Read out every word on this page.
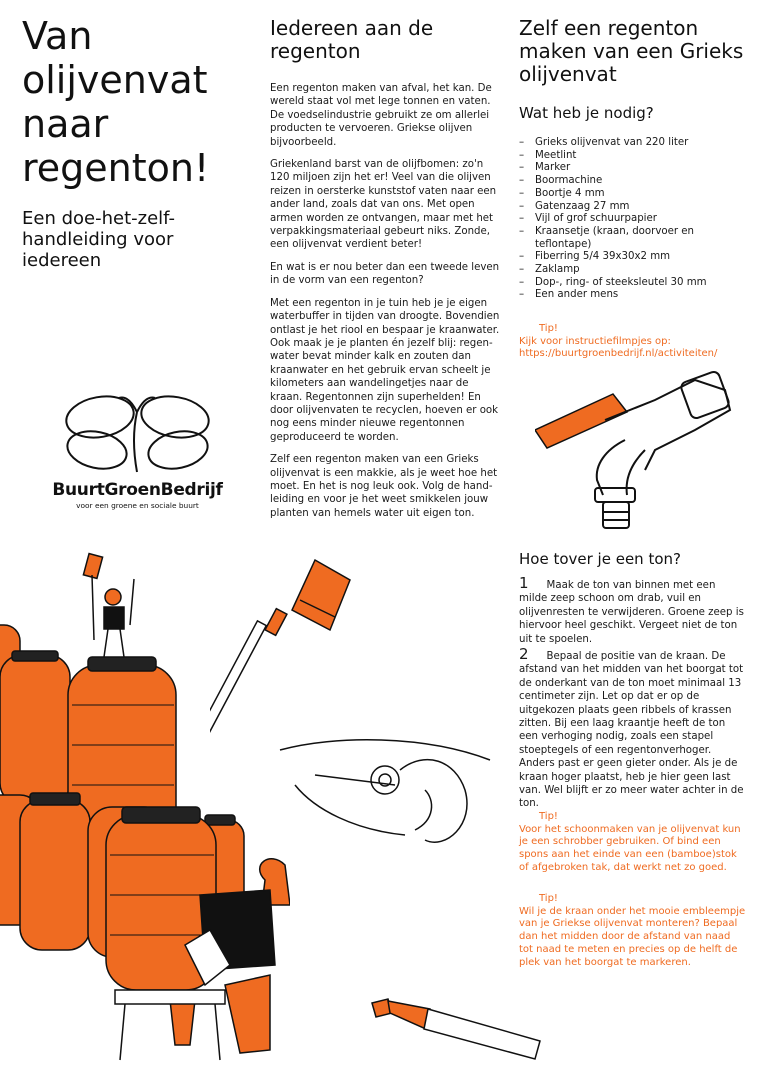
Van olijvenvat naar regenton!
Een doe-het-zelf-handleiding voor iedereen
BuurtGroenBedrijf
voor een groene en sociale buurt
Iedereen aan de regenton

Een regenton maken van afval, het kan. De wereld staat vol met lege tonnen en vaten. De voedselindustrie gebruikt ze om allerlei producten te vervoeren. Griekse olijven bijvoorbeeld.

Griekenland barst van de olijfbomen: zo'n 120 miljoen zijn het er! Veel van die olijven reizen in oersterke kunststof vaten naar een ander land, zoals dat van ons. Met open armen worden ze ontvangen, maar met het verpakkingsmateriaal gebeurt niks. Zonde, een olijvenvat verdient beter!

En wat is er nou beter dan een tweede leven in de vorm van een regenton?

Met een regenton in je tuin heb je je eigen waterbuffer in tijden van droogte. Bovendien ontlast je het riool en bespaar je kraanwater. Ook maak je je planten én jezelf blij: regenwater bevat minder kalk en zouten dan kraanwater en het gebruik ervan scheelt je kilometers aan wandelingetjes naar de kraan. Regentonnen zijn superhelden! En door olijvenvaten te recyclen, hoeven er ook nog eens minder nieuwe regentonnen geproduceerd te worden.

Zelf een regenton maken van een Grieks olijvenvat is een makkie, als je weet hoe het moet. En het is nog leuk ook. Volg de handleiding en voor je het weet smikkelen jouw planten van hemels water uit eigen ton.

Zelf een regenton maken van een Grieks olijvenvat
Wat heb je nodig?
– Grieks olijvenvat van 220 liter
– Meetlint
– Marker
– Boormachine
– Boortje 4 mm
– Gatenzaag 27 mm
– Vijl of grof schuurpapier
– Kraansetje (kraan, doorvoer en teflontape)
– Fiberring 5/4 39x30x2 mm
– Zaklamp
– Dop-, ring- of steeksleutel 30 mm
– Een ander mens
Tip!
Kijk voor instructiefilmpjes op: https://buurtgroenbedrijf.nl/activiteiten/
Hoe tover je een ton?
1 Maak de ton van binnen met een milde zeep schoon om drab, vuil en olijvenresten te verwijderen. Groene zeep is hiervoor heel geschikt. Vergeet niet de ton uit te spoelen.
2 Bepaal de positie van de kraan. De afstand van het midden van het boorgat tot de onderkant van de ton moet minimaal 13 centimeter zijn. Let op dat er op de uitgekozen plaats geen ribbels of krassen zitten. Bij een laag kraantje heeft de ton een verhoging nodig, zoals een stapel stoeptegels of een regentonverhoger. Anders past er geen gieter onder. Als je de kraan hoger plaatst, heb je hier geen last van. Wel blijft er zo meer water achter in de ton.
Tip!
Voor het schoonmaken van je olijvenvat kun je een schrobber gebruiken. Of bind een spons aan het einde van een (bamboe)stok of afgebroken tak, dat werkt net zo goed.
Tip!
Wil je de kraan onder het mooie embleempje van je Griekse olijvenvat monteren? Bepaal dan het midden door de afstand van naad tot naad te meten en precies op de helft de plek van het boorgat te markeren.
